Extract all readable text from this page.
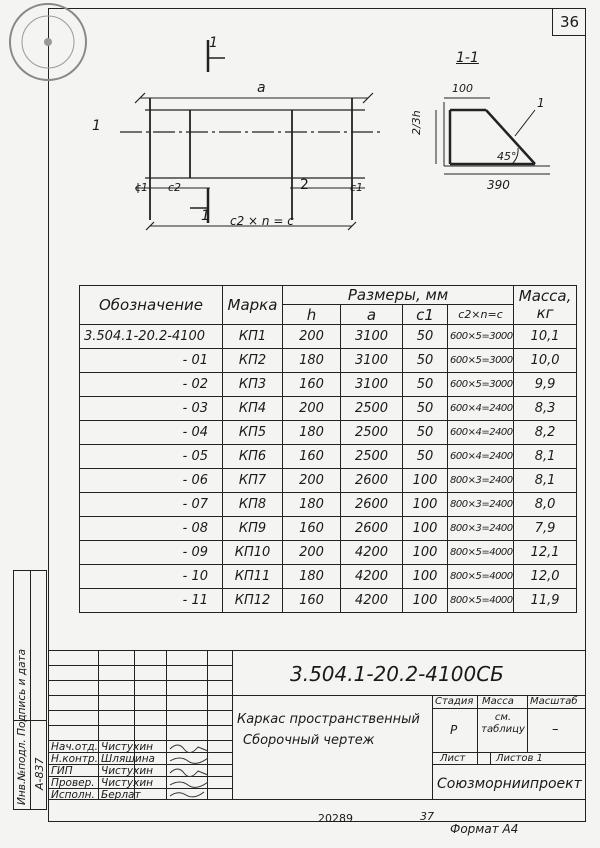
36
1
a
1
c1 c2	2	c1
1 c2 × n = c
1-1
100
1
2/3h
45°
390
Обозначение	Марка	Размеры, мм				Масса, кг
		h	a	c1	c2×n=c	
3.504.1-20.2-4100	КП1	200	3100	50	600×5=3000	10,1
- 01	КП2	180	3100	50	600×5=3000	10,0
- 02	КП3	160	3100	50	600×5=3000	9,9
- 03	КП4	200	2500	50	600×4=2400	8,3
- 04	КП5	180	2500	50	600×4=2400	8,2
- 05	КП6	160	2500	50	600×4=2400	8,1
- 06	КП7	200	2600	100	800×3=2400	8,1
- 07	КП8	180	2600	100	800×3=2400	8,0
- 08	КП9	160	2600	100	800×3=2400	7,9
- 09	КП10	200	4200	100	800×5=4000	12,1
- 10	КП11	180	4200	100	800×5=4000	12,0
- 11	КП12	160	4200	100	800×5=4000	11,9
Инв.№подл. Подпись и дата А-837
3.504.1-20.2-4100СБ
Каркас пространственный
Сборочный чертеж
Стадия Масса Масштаб
Р
см. таблицу –
Лист	Листов 1
Союзморниипроект
Нач.отд. Чистухин
Н.контр. Шляшина
ГИП	Чистухин
Провер. Чистухин
Исполн. Берлат
20289	37
Формат А4
